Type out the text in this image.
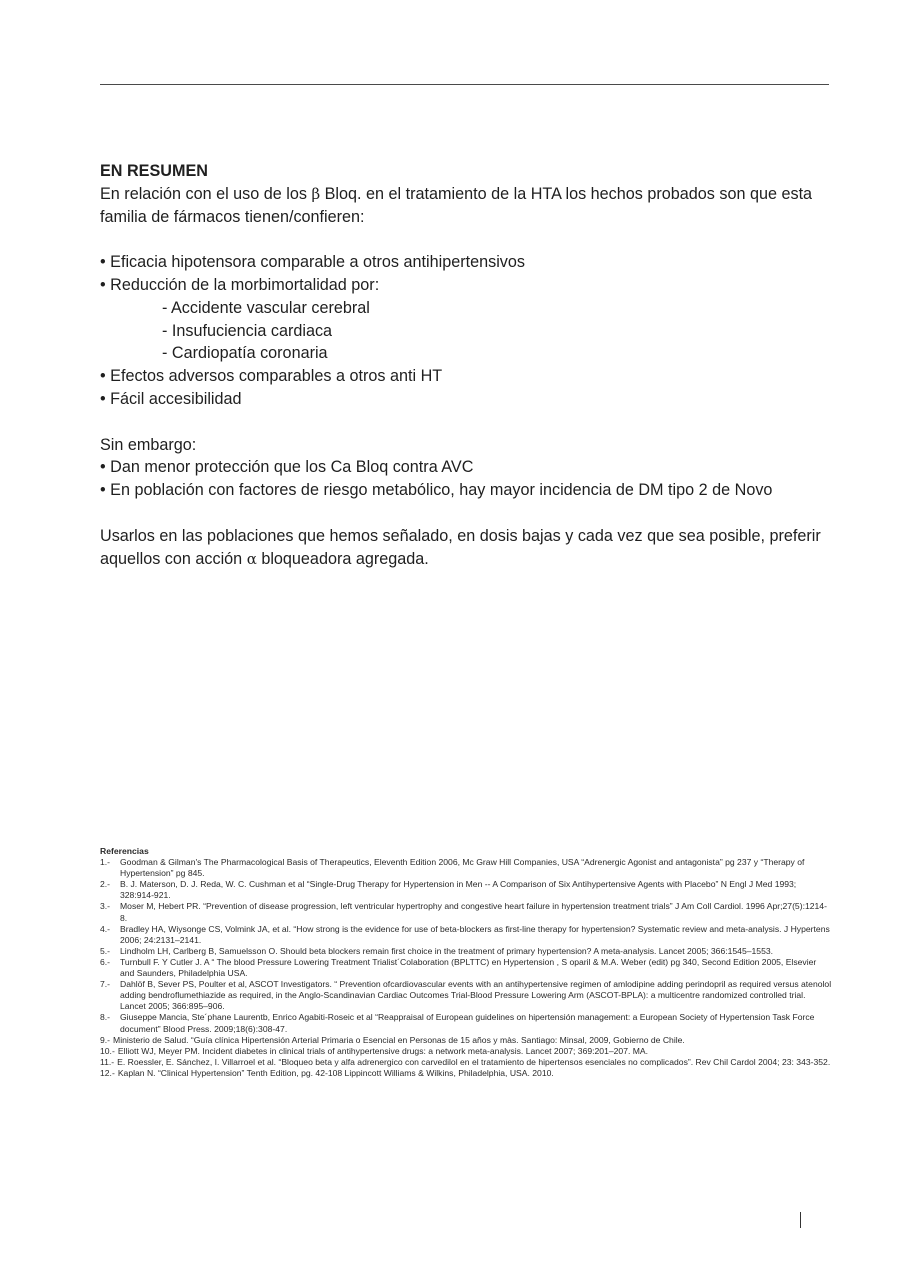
EN RESUMEN

En relación con el uso de los β Bloq. en el tratamiento de la HTA los hechos probados son que esta familia de fármacos tienen/confieren:

• Eficacia hipotensora comparable a otros antihipertensivos

• Reducción de la morbimortalidad por:

- Accidente vascular cerebral

- Insufuciencia cardiaca

- Cardiopatía coronaria

• Efectos adversos comparables a otros anti HT

• Fácil accesibilidad

Sin embargo:

• Dan menor protección que los Ca Bloq contra AVC

• En población con factores de riesgo metabólico, hay mayor incidencia de DM tipo 2 de Novo

Usarlos en las poblaciones que hemos señalado, en dosis bajas y cada vez que sea posible, preferir aquellos con acción α bloqueadora agregada.

Referencias

1.-	Goodman & Gilman's The Pharmacological Basis of Therapeutics, Eleventh Edition 2006, Mc Graw Hill Companies, USA “Adrenergic Agonist and antagonista” pg 237 y “Therapy of Hypertension” pg 845.
2.-	B. J. Materson, D. J. Reda, W. C. Cushman et al “Single-Drug Therapy for Hypertension in Men -- A Comparison of Six Antihypertensive Agents with Placebo” N Engl J Med 1993; 328:914-921.
3.-	Moser M, Hebert PR. “Prevention of disease progression, left ventricular hypertrophy and congestive heart failure in hypertension treatment trials” J Am Coll Cardiol. 1996 Apr;27(5):1214-8.
4.-	Bradley HA, Wiysonge CS, Volmink JA, et al. “How strong is the evidence for use of beta-blockers as first-line therapy for hypertension? Systematic review and meta-analysis. J Hypertens 2006; 24:2131–2141.
5.-	Lindholm LH, Carlberg B, Samuelsson O. Should beta blockers remain first choice in the treatment of primary hypertension? A meta-analysis. Lancet 2005; 366:1545–1553.
6.-	Turnbull F. Y Cutler J. A “ The blood Pressure Lowering Treatment Trialist´Colaboration (BPLTTC) en Hypertension , S oparil & M.A. Weber (edit) pg 340, Second Edition 2005, Elsevier and Saunders, Philadelphia USA.
7.-	Dahlöf B, Sever PS, Poulter et al, ASCOT Investigators. “ Prevention ofcardiovascular events with an antihypertensive regimen of amlodipine adding perindopril as required versus atenolol adding bendroflumethiazide as required, in the Anglo-Scandinavian Cardiac Outcomes Trial-Blood Pressure Lowering Arm (ASCOT-BPLA): a multicentre randomized controlled trial. Lancet 2005; 366:895–906.
8.-	Giuseppe Mancia, Ste´phane Laurentb, Enrico Agabiti-Roseic et al “Reappraisal of European guidelines on hipertensión management: a European Society of Hypertension Task Force document” Blood Press. 2009;18(6):308-47.
9.- Ministerio de Salud. “Guía clínica Hipertensión Arterial Primaria o Esencial en Personas de 15 años y màs. Santiago: Minsal, 2009, Gobierno de Chile.
10.- Elliott WJ, Meyer PM. Incident diabetes in clinical trials of antihypertensive drugs: a network meta-analysis. Lancet 2007; 369:201–207. MA.
11.- E. Roessler, E. Sánchez, I. Villarroel et al. “Bloqueo beta y alfa adrenergico con carvedilol en el tratamiento de hipertensos esenciales no complicados”. Rev Chil Cardol 2004; 23: 343-352.
12.- Kaplan N. “Clinical Hypertension” Tenth Edition, pg. 42-108 Lippincott Williams & Wilkins, Philadelphia, USA. 2010.
